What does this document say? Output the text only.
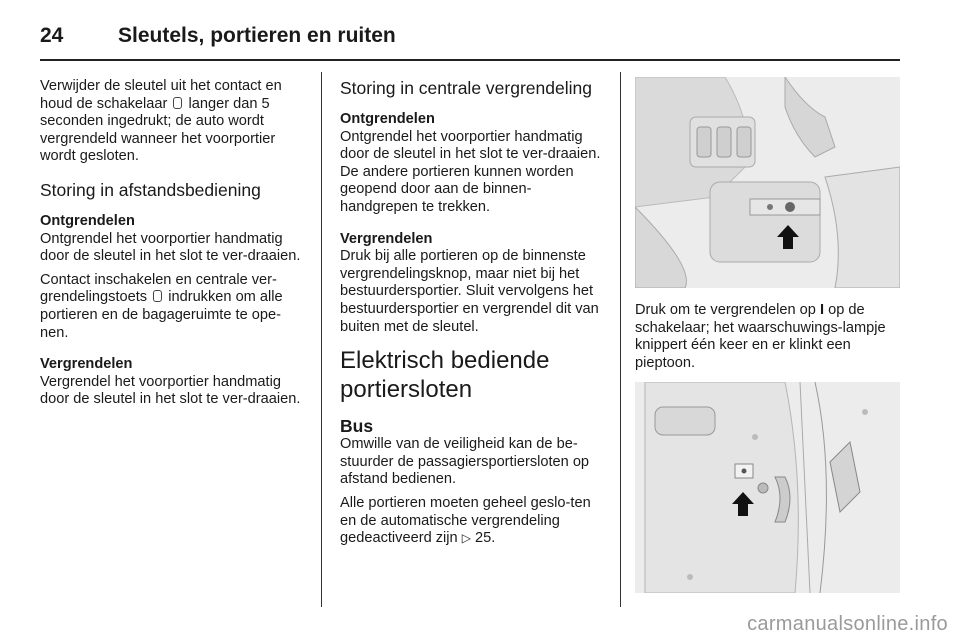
24	Sleutels, portieren en ruiten

Verwijder de sleutel uit het contact en houd de schakelaar langer dan 5 seconden ingedrukt; de auto wordt vergrendeld wanneer het voorportier wordt gesloten.

Storing in afstandsbediening
Ontgrendelen

Ontgrendel het voorportier handmatig door de sleutel in het slot te ver-draaien.

Contact inschakelen en centrale ver-grendelingstoets indrukken om alle portieren en de bagageruimte te ope-nen.

Vergrendelen

Vergrendel het voorportier handmatig door de sleutel in het slot te ver-draaien.

Storing in centrale vergrendeling
Ontgrendelen

Ontgrendel het voorportier handmatig door de sleutel in het slot te ver-draaien. De andere portieren kunnen worden geopend door aan de binnen-handgrepen te trekken.

Vergrendelen

Druk bij alle portieren op de binnenste vergrendelingsknop, maar niet bij het bestuurdersportier. Sluit vervolgens het bestuurdersportier en vergrendel dit van buiten met de sleutel.

Elektrisch bediende portiersloten
Bus

Omwille van de veiligheid kan de be-stuurder de passagiersportiersloten op afstand bedienen.

Alle portieren moeten geheel geslo-ten en de automatische vergrendeling gedeactiveerd zijn ▷ 25.

Druk om te vergrendelen op I op de schakelaar; het waarschuwings-lampje knippert één keer en er klinkt een pieptoon.
carmanualsonline.info
